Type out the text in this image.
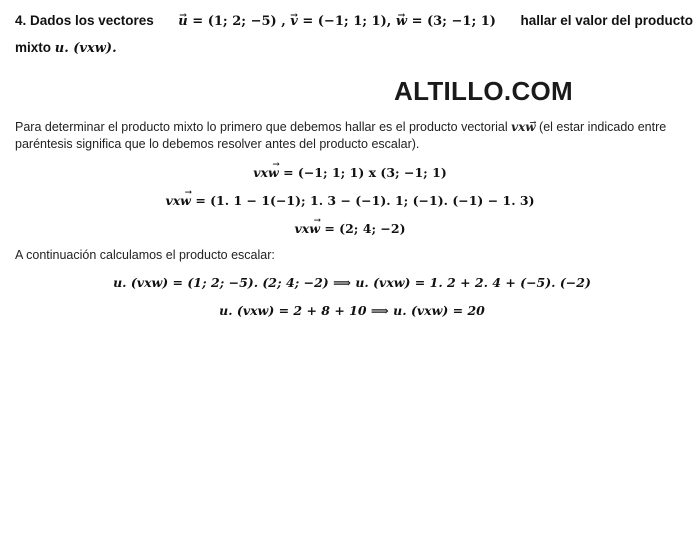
4. Dados los vectores → u = (1; 2; −5) , → v = (−1; 1; 1), → w = (3; −1; 1) hallar el valor del producto
mixto u. (vxw).
ALTILLO.COM
Para determinar el producto mixto lo primero que debemos hallar es el producto vectorial → vxw (el estar indicado entre paréntesis significa que lo debemos resolver antes del producto escalar).
→ vxw = (−1; 1; 1) x (3; −1; 1)
→ vxw = (1. 1 − 1(−1); 1. 3 − (−1). 1; (−1). (−1) − 1. 3)
→ vxw = (2; 4; −2)
A continuación calculamos el producto escalar:
u. (vxw) = (1; 2; −5). (2; 4; −2) ⟹ u. (vxw) = 1. 2 + 2. 4 + (−5). (−2)
u. (vxw) = 2 + 8 + 10 ⟹ u. (vxw) = 20
